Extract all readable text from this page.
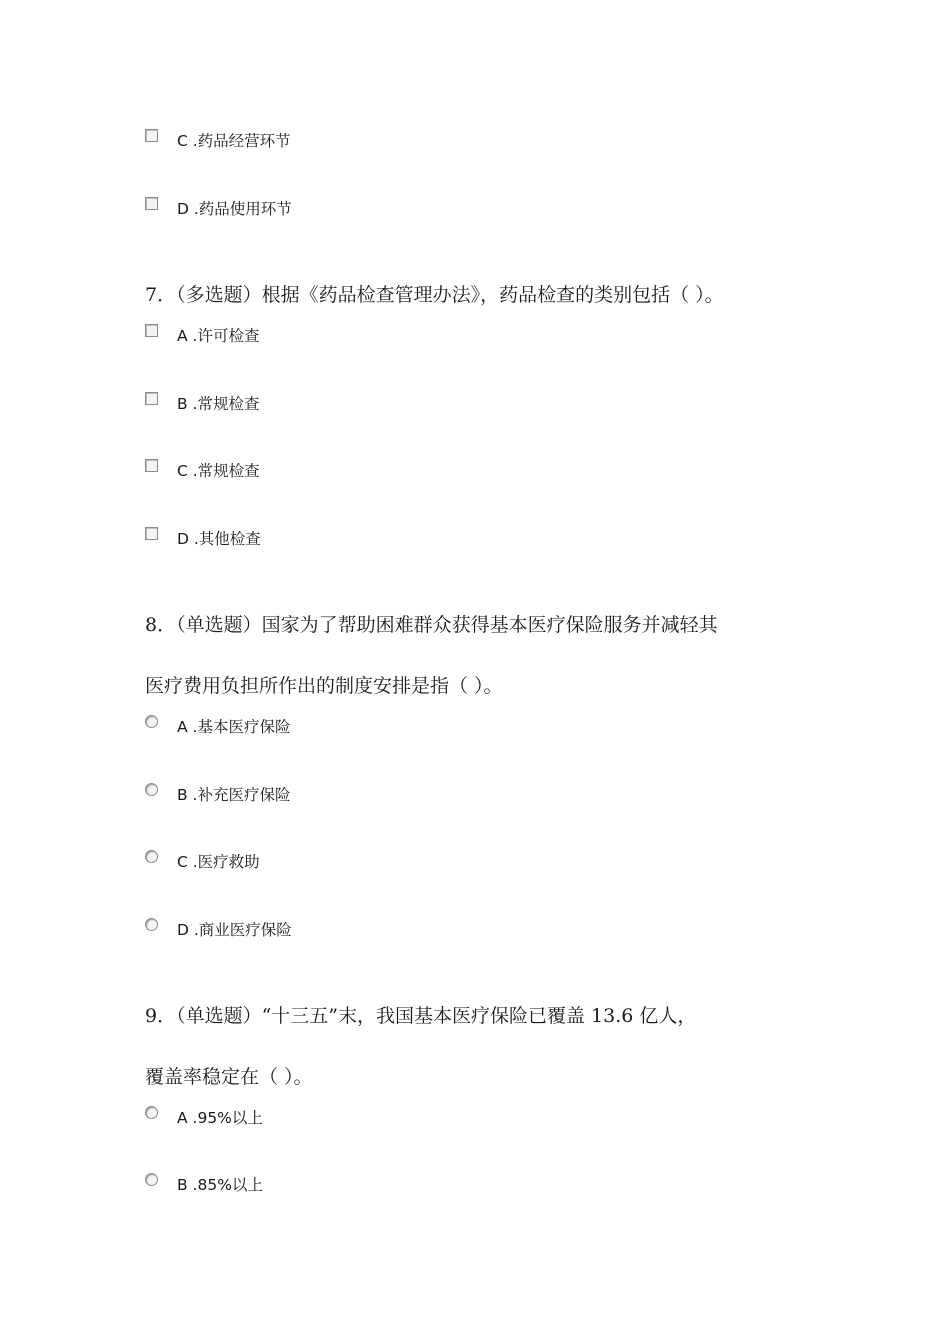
C .药品经营环节
D .药品使用环节
7．（多选题）根据《药品检查管理办法》，药品检查的类别包括（ ）。
A .许可检查
B .常规检查
C .常规检查
D .其他检查
8．（单选题）国家为了帮助困难群众获得基本医疗保险服务并减轻其
医疗费用负担所作出的制度安排是指（ ）。
A .基本医疗保险
B .补充医疗保险
C .医疗救助
D .商业医疗保险
9．（单选题）“十三五”末，我国基本医疗保险已覆盖 13.6 亿人，
覆盖率稳定在（ ）。
A .95%以上
B .85%以上
